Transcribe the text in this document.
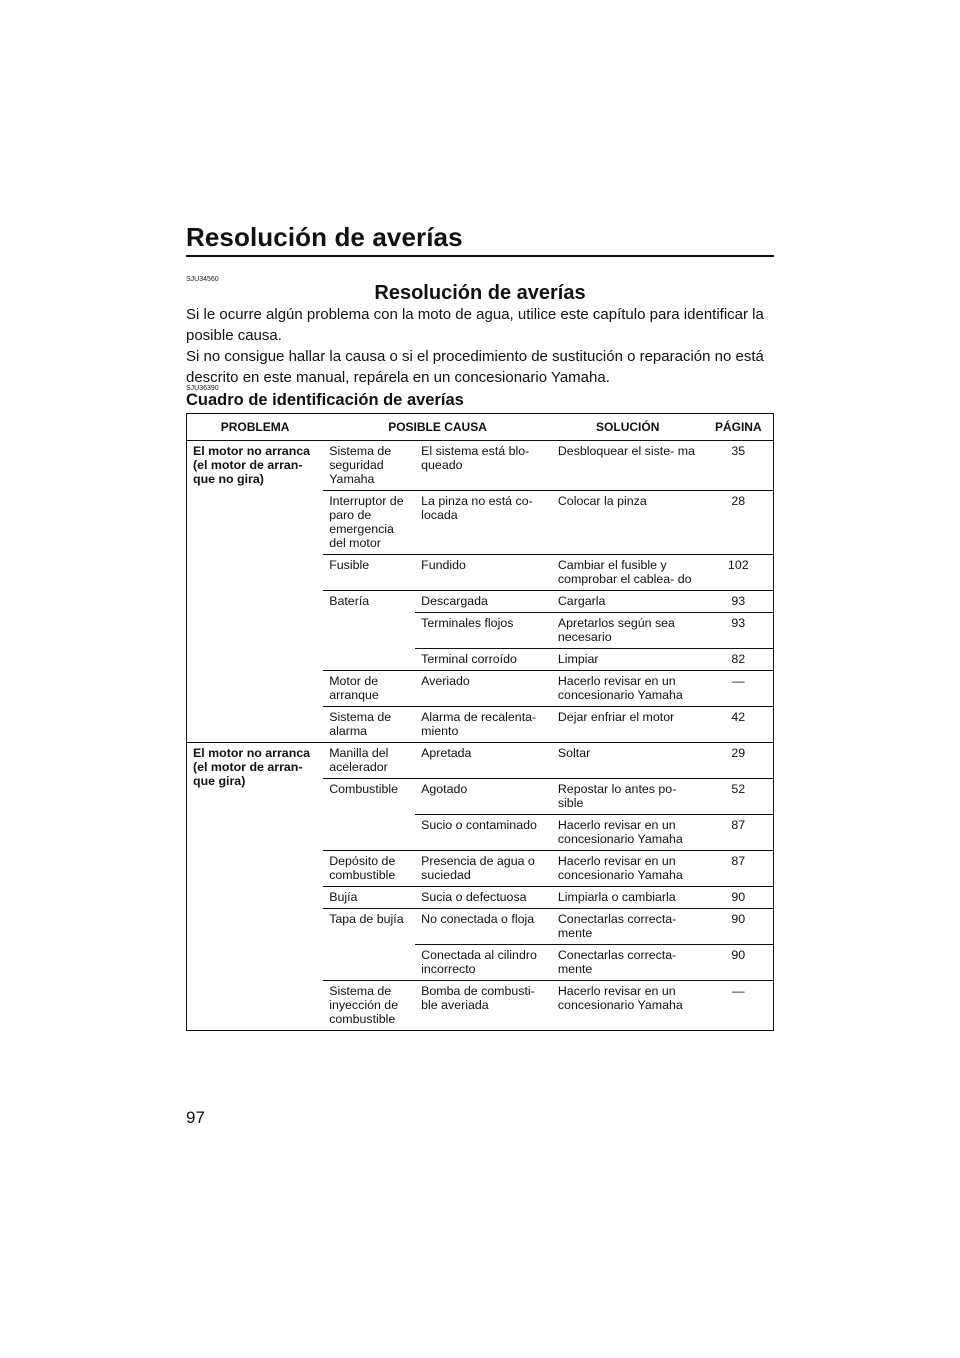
Resolución de averías
SJU34560
Resolución de averías

Si le ocurre algún problema con la moto de agua, utilice este capítulo para identificar la posible causa.

Si no consigue hallar la causa o si el procedimiento de sustitución o reparación no está descrito en este manual, repárela en un concesionario Yamaha.

SJU36390
Cuadro de identificación de averías
PROBLEMA	POSIBLE CAUSA		SOLUCIÓN	PÁGINA
El motor no arranca (el motor de arran- que no gira)	Sistema de seguridad Yamaha	El sistema está blo- queado	Desbloquear el siste- ma	35
	Interruptor de paro de emergencia del motor	La pinza no está co- locada	Colocar la pinza	28
	Fusible	Fundido	Cambiar el fusible y comprobar el cablea- do	102
	Batería	Descargada	Cargarla	93
		Terminales flojos	Apretarlos según sea necesario	93
		Terminal corroído	Limpiar	82
	Motor de arranque	Averiado	Hacerlo revisar en un concesionario Yamaha	—
	Sistema de alarma	Alarma de recalenta- miento	Dejar enfriar el motor	42
El motor no arranca (el motor de arran- que gira)	Manilla del acelerador	Apretada	Soltar	29
	Combustible	Agotado	Repostar lo antes po- sible	52
		Sucio o contaminado	Hacerlo revisar en un concesionario Yamaha	87
	Depósito de combustible	Presencia de agua o suciedad	Hacerlo revisar en un concesionario Yamaha	87
	Bujía	Sucia o defectuosa	Limpiarla o cambiarla	90
	Tapa de bujía	No conectada o floja	Conectarlas correcta- mente	90
		Conectada al cilindro incorrecto	Conectarlas correcta- mente	90
	Sistema de inyección de combustible	Bomba de combusti- ble averiada	Hacerlo revisar en un concesionario Yamaha	—
97
